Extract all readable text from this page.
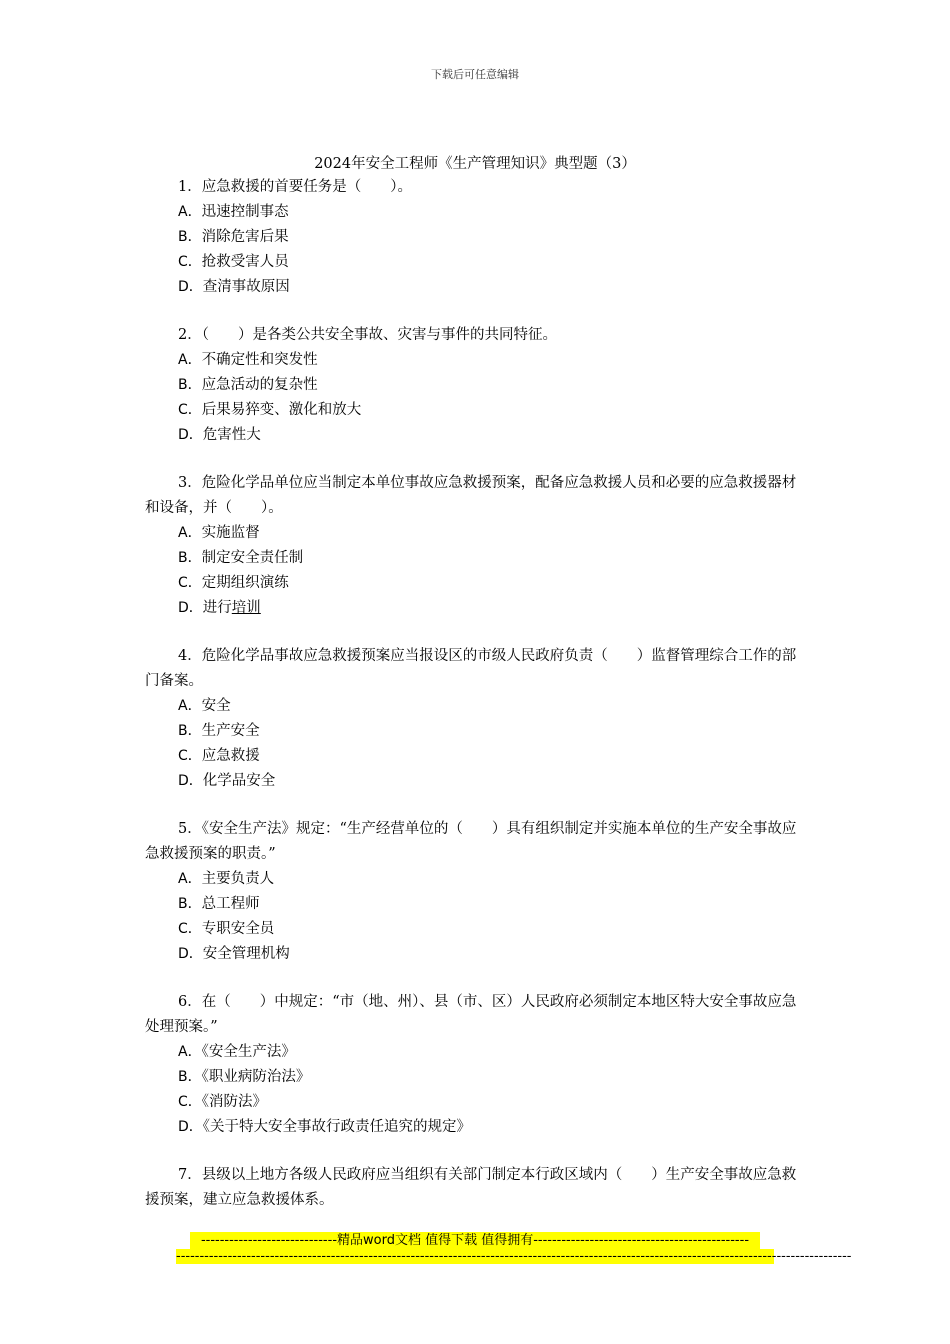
下载后可任意编辑
2024年安全工程师《生产管理知识》典型题（3）

1．应急救援的首要任务是（　　）。

A．迅速控制事态

B．消除危害后果

C．抢救受害人员

D．查清事故原因

2．（　　）是各类公共安全事故、灾害与事件的共同特征。

A．不确定性和突发性

B．应急活动的复杂性

C．后果易猝变、激化和放大

D．危害性大

3．危险化学品单位应当制定本单位事故应急救援预案，配备应急救援人员和必要的应急救援器材和设备，并（　　）。

A．实施监督

B．制定安全责任制

C．定期组织演练

D．进行培训

4．危险化学品事故应急救援预案应当报设区的市级人民政府负责（　　）监督管理综合工作的部门备案。

A．安全

B．生产安全

C．应急救援

D．化学品安全

5．《安全生产法》规定：“生产经营单位的（　　）具有组织制定并实施本单位的生产安全事故应急救援预案的职责。”

A．主要负责人

B．总工程师

C．专职安全员

D．安全管理机构

6．在（　　）中规定：“市（地、州）、县（市、区）人民政府必须制定本地区特大安全事故应急处理预案。”

A．《安全生产法》

B．《职业病防治法》

C．《消防法》

D．《关于特大安全事故行政责任追究的规定》

7．县级以上地方各级人民政府应当组织有关部门制定本行政区域内（　　）生产安全事故应急救援预案，建立应急救援体系。

-----------------------------精品word文档 值得下载 值得拥有----------------------------------------------
------------------------------------------------------------------------------------------------------------------------------------------------
